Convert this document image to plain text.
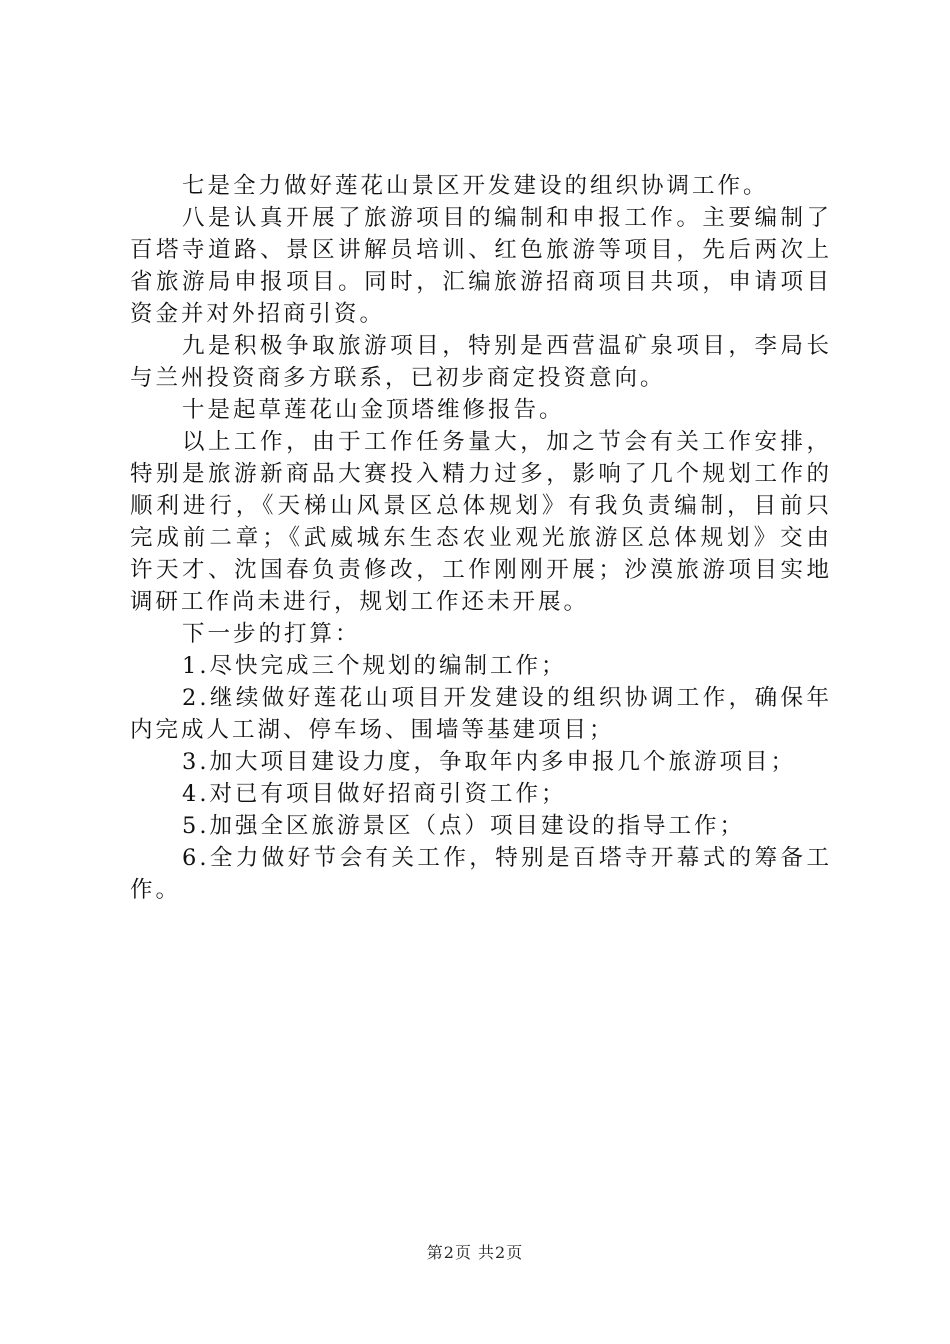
七是全力做好莲花山景区开发建设的组织协调工作。

八是认真开展了旅游项目的编制和申报工作。主要编制了百塔寺道路、景区讲解员培训、红色旅游等项目，先后两次上省旅游局申报项目。同时，汇编旅游招商项目共项，申请项目资金并对外招商引资。

九是积极争取旅游项目，特别是西营温矿泉项目，李局长与兰州投资商多方联系，已初步商定投资意向。

十是起草莲花山金顶塔维修报告。

以上工作，由于工作任务量大，加之节会有关工作安排，特别是旅游新商品大赛投入精力过多，影响了几个规划工作的顺利进行，《天梯山风景区总体规划》有我负责编制，目前只完成前二章；《武威城东生态农业观光旅游区总体规划》交由许天才、沈国春负责修改，工作刚刚开展；沙漠旅游项目实地调研工作尚未进行，规划工作还未开展。

下一步的打算：

1.尽快完成三个规划的编制工作；

2.继续做好莲花山项目开发建设的组织协调工作，确保年内完成人工湖、停车场、围墙等基建项目；

3.加大项目建设力度，争取年内多申报几个旅游项目；

4.对已有项目做好招商引资工作；

5.加强全区旅游景区（点）项目建设的指导工作；

6.全力做好节会有关工作，特别是百塔寺开幕式的筹备工作。

第2页 共2页
